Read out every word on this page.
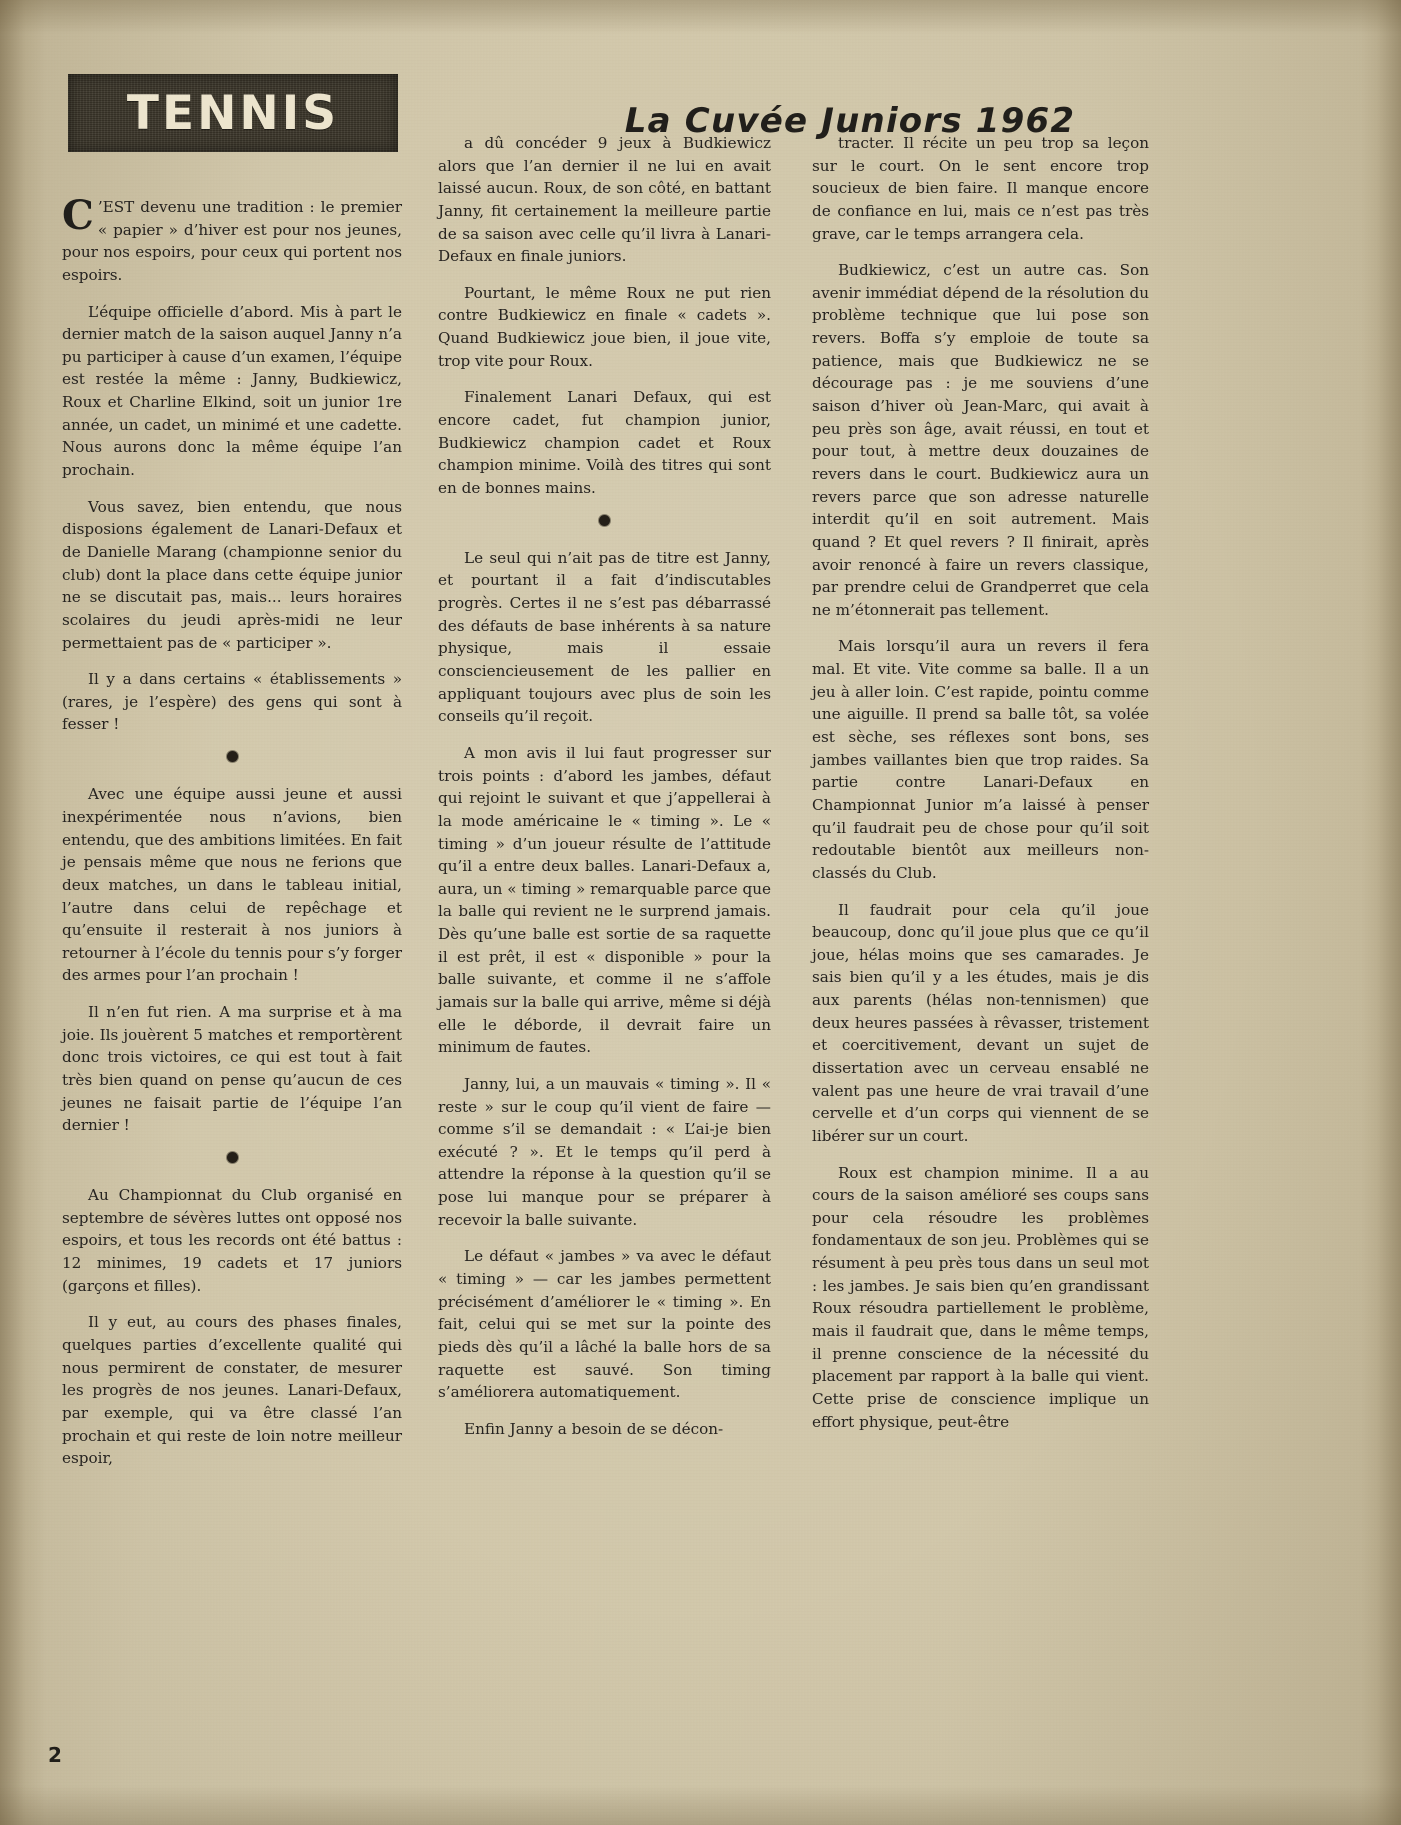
TENNIS	La Cuvée Juniors 1962

C ’EST devenu une tradition : le premier « papier » d’hiver est pour nos jeunes, pour nos espoirs, pour ceux qui portent nos espoirs.

L’équipe officielle d’abord. Mis à part le dernier match de la saison auquel Janny n’a pu participer à cause d’un examen, l’équipe est restée la même : Janny, Budkiewicz, Roux et Charline Elkind, soit un junior 1re année, un cadet, un minimé et une cadette. Nous aurons donc la même équipe l’an prochain.

Vous savez, bien entendu, que nous disposions également de Lanari-Defaux et de Danielle Marang (championne senior du club) dont la place dans cette équipe junior ne se discutait pas, mais... leurs horaires scolaires du jeudi après-midi ne leur permettaient pas de « participer ».

Il y a dans certains « établissements » (rares, je l’espère) des gens qui sont à fesser !

Avec une équipe aussi jeune et aussi inexpérimentée nous n’avions, bien entendu, que des ambitions limitées. En fait je pensais même que nous ne ferions que deux matches, un dans le tableau initial, l’autre dans celui de repêchage et qu’ensuite il resterait à nos juniors à retourner à l’école du tennis pour s’y forger des armes pour l’an prochain !

Il n’en fut rien. A ma surprise et à ma joie. Ils jouèrent 5 matches et remportèrent donc trois victoires, ce qui est tout à fait très bien quand on pense qu’aucun de ces jeunes ne faisait partie de l’équipe l’an dernier !

Au Championnat du Club organisé en septembre de sévères luttes ont opposé nos espoirs, et tous les records ont été battus : 12 minimes, 19 cadets et 17 juniors (garçons et filles).

Il y eut, au cours des phases finales, quelques parties d’excellente qualité qui nous permirent de constater, de mesurer les progrès de nos jeunes. Lanari-Defaux, par exemple, qui va être classé l’an prochain et qui reste de loin notre meilleur espoir,

a dû concéder 9 jeux à Budkiewicz alors que l’an dernier il ne lui en avait laissé aucun. Roux, de son côté, en battant Janny, fit certainement la meilleure partie de sa saison avec celle qu’il livra à Lanari-Defaux en finale juniors.

Pourtant, le même Roux ne put rien contre Budkiewicz en finale « cadets ». Quand Budkiewicz joue bien, il joue vite, trop vite pour Roux.

Finalement Lanari Defaux, qui est encore cadet, fut champion junior, Budkiewicz champion cadet et Roux champion minime. Voilà des titres qui sont en de bonnes mains.

Le seul qui n’ait pas de titre est Janny, et pourtant il a fait d’indiscutables progrès. Certes il ne s’est pas débarrassé des défauts de base inhérents à sa nature physique, mais il essaie consciencieusement de les pallier en appliquant toujours avec plus de soin les conseils qu’il reçoit.

A mon avis il lui faut progresser sur trois points : d’abord les jambes, défaut qui rejoint le suivant et que j’appellerai à la mode américaine le « timing ». Le « timing » d’un joueur résulte de l’attitude qu’il a entre deux balles. Lanari-Defaux a, aura, un « timing » remarquable parce que la balle qui revient ne le surprend jamais. Dès qu’une balle est sortie de sa raquette il est prêt, il est « disponible » pour la balle suivante, et comme il ne s’affole jamais sur la balle qui arrive, même si déjà elle le déborde, il devrait faire un minimum de fautes.

Janny, lui, a un mauvais « timing ». Il « reste » sur le coup qu’il vient de faire — comme s’il se demandait : « L’ai-je bien exécuté ? ». Et le temps qu’il perd à attendre la réponse à la question qu’il se pose lui manque pour se préparer à recevoir la balle suivante.

Le défaut « jambes » va avec le défaut « timing » — car les jambes permettent précisément d’améliorer le « timing ». En fait, celui qui se met sur la pointe des pieds dès qu’il a lâché la balle hors de sa raquette est sauvé. Son timing s’améliorera automatiquement.

Enfin Janny a besoin de se décon-

tracter. Il récite un peu trop sa leçon sur le court. On le sent encore trop soucieux de bien faire. Il manque encore de confiance en lui, mais ce n’est pas très grave, car le temps arrangera cela.

Budkiewicz, c’est un autre cas. Son avenir immédiat dépend de la résolution du problème technique que lui pose son revers. Boffa s’y emploie de toute sa patience, mais que Budkiewicz ne se décourage pas : je me souviens d’une saison d’hiver où Jean-Marc, qui avait à peu près son âge, avait réussi, en tout et pour tout, à mettre deux douzaines de revers dans le court. Budkiewicz aura un revers parce que son adresse naturelle interdit qu’il en soit autrement. Mais quand ? Et quel revers ? Il finirait, après avoir renoncé à faire un revers classique, par prendre celui de Grandperret que cela ne m’étonnerait pas tellement.

Mais lorsqu’il aura un revers il fera mal. Et vite. Vite comme sa balle. Il a un jeu à aller loin. C’est rapide, pointu comme une aiguille. Il prend sa balle tôt, sa volée est sèche, ses réflexes sont bons, ses jambes vaillantes bien que trop raides. Sa partie contre Lanari-Defaux en Championnat Junior m’a laissé à penser qu’il faudrait peu de chose pour qu’il soit redoutable bientôt aux meilleurs non-classés du Club.

Il faudrait pour cela qu’il joue beaucoup, donc qu’il joue plus que ce qu’il joue, hélas moins que ses camarades. Je sais bien qu’il y a les études, mais je dis aux parents (hélas non-tennismen) que deux heures passées à rêvasser, tristement et coercitivement, devant un sujet de dissertation avec un cerveau ensablé ne valent pas une heure de vrai travail d’une cervelle et d’un corps qui viennent de se libérer sur un court.

Roux est champion minime. Il a au cours de la saison amélioré ses coups sans pour cela résoudre les problèmes fondamentaux de son jeu. Problèmes qui se résument à peu près tous dans un seul mot : les jambes. Je sais bien qu’en grandissant Roux résoudra partiellement le problème, mais il faudrait que, dans le même temps, il prenne conscience de la nécessité du placement par rapport à la balle qui vient. Cette prise de conscience implique un effort physique, peut-être

2
